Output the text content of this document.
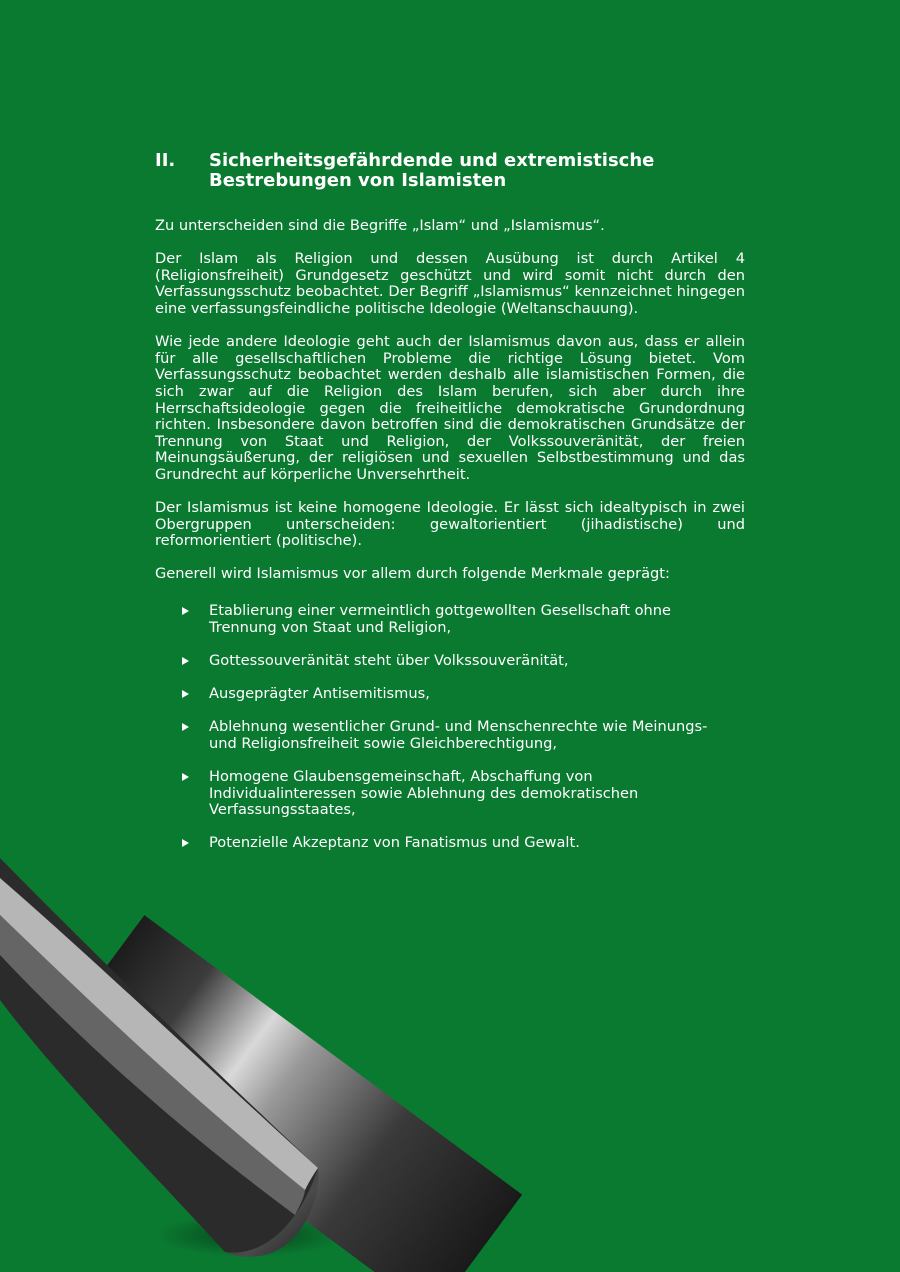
II.	Sicherheitsgefährdende und extremistische
Bestrebungen von Islamisten

Zu unterscheiden sind die Begriffe „Islam“ und „Islamismus“.

Der Islam als Religion und dessen Ausübung ist durch Artikel 4 (Religionsfreiheit) Grundgesetz geschützt und wird somit nicht durch den Verfassungsschutz beobachtet. Der Begriff „Islamismus“ kennzeichnet hingegen eine verfassungsfeindliche politische Ideologie (Weltanschauung).

Wie jede andere Ideologie geht auch der Islamismus davon aus, dass er allein für alle gesellschaftlichen Probleme die richtige Lösung bietet. Vom Verfassungsschutz beobachtet werden deshalb alle islamistischen Formen, die sich zwar auf die Religion des Islam berufen, sich aber durch ihre Herrschaftsideologie gegen die freiheitliche demokratische Grundordnung richten. Insbesondere davon betroffen sind die demokratischen Grundsätze der Trennung von Staat und Religion, der Volkssouveränität, der freien Meinungsäußerung, der religiösen und sexuellen Selbstbestimmung und das Grundrecht auf körperliche Unversehrtheit.

Der Islamismus ist keine homogene Ideologie. Er lässt sich idealtypisch in zwei Obergruppen unterscheiden: gewaltorientiert (jihadistische) und reformorientiert (politische).

Generell wird Islamismus vor allem durch folgende Merkmale geprägt:

Etablierung einer vermeintlich gottgewollten Gesellschaft ohne Trennung von Staat und Religion,
Gottessouveränität steht über Volkssouveränität,
Ausgeprägter Antisemitismus,
Ablehnung wesentlicher Grund- und Menschenrechte wie Meinungs- und Religionsfreiheit sowie Gleichberechtigung,
Homogene Glaubensgemeinschaft, Abschaffung von Individualinteressen sowie Ablehnung des demokratischen Verfassungsstaates,
Potenzielle Akzeptanz von Fanatismus und Gewalt.
